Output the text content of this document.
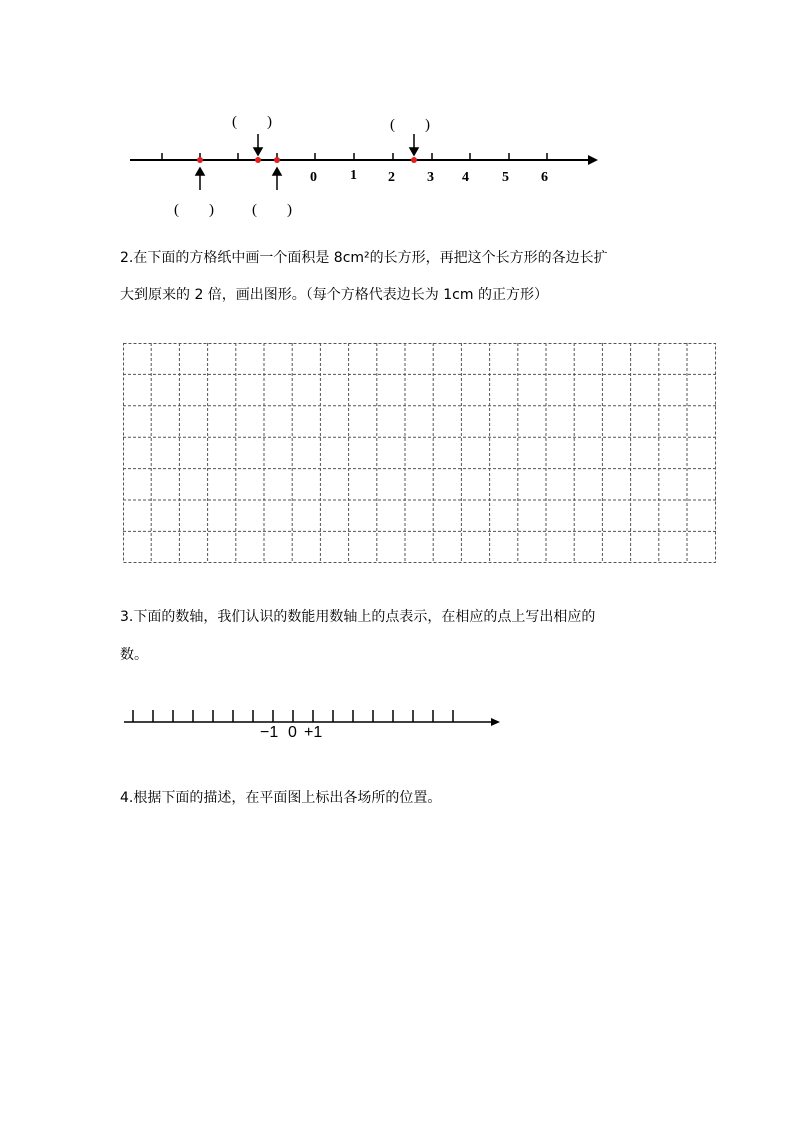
0 1 2 3 4 5 6
(　　)	(　　)
(　　)	(　　)
2.在下面的方格纸中画一个面积是 8cm²的长方形，再把这个长方形的各边长扩
大到原来的 2 倍，画出图形。（每个方格代表边长为 1cm 的正方形）
3.下面的数轴，我们认识的数能用数轴上的点表示，在相应的点上写出相应的
数。
−1 0 +1
4.根据下面的描述，在平面图上标出各场所的位置。
